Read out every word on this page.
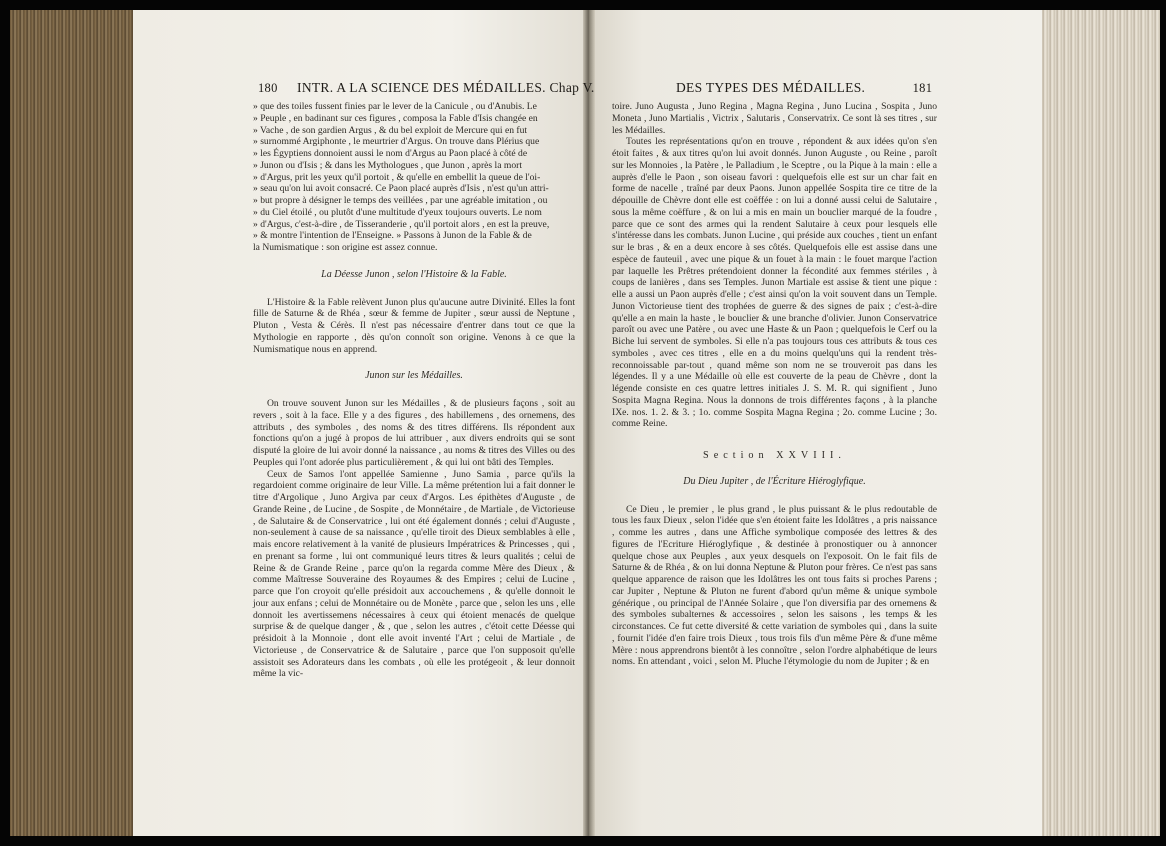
180 INTR. A LA SCIENCE DES MÉDAILLES. Chap V.

» que des toiles fussent finies par le lever de la Canicule , ou d'Anubis. Le

» Peuple , en badinant sur ces figures , composa la Fable d'Isis changée en

» Vache , de son gardien Argus , & du bel exploit de Mercure qui en fut

» surnommé Argiphonte , le meurtrier d'Argus. On trouve dans Plérius que

» les Égyptiens donnoient aussi le nom d'Argus au Paon placé à côté de

» Junon ou d'Isis ; & dans les Mythologues , que Junon , après la mort

» d'Argus, prit les yeux qu'il portoit , & qu'elle en embellit la queue de l'oi-

» seau qu'on lui avoit consacré. Ce Paon placé auprès d'Isis , n'est qu'un attri-

» but propre à désigner le temps des veillées , par une agréable imitation , ou

» du Ciel étoilé , ou plutôt d'une multitude d'yeux toujours ouverts. Le nom

» d'Argus, c'est-à-dire , de Tisseranderie , qu'il portoit alors , en est la preuve,

» & montre l'intention de l'Enseigne. » Passons à Junon de la Fable & de

la Numismatique : son origine est assez connue.

La Déesse Junon , selon l'Histoire & la Fable.

L'Histoire & la Fable relèvent Junon plus qu'aucune autre Divinité. Elles la font fille de Saturne & de Rhéa , sœur & femme de Jupiter , sœur aussi de Neptune , Pluton , Vesta & Cérès. Il n'est pas nécessaire d'entrer dans tout ce que la Mythologie en rapporte , dès qu'on connoît son origine. Venons à ce que la Numismatique nous en apprend.

Junon sur les Médailles.

On trouve souvent Junon sur les Médailles , & de plusieurs façons , soit au revers , soit à la face. Elle y a des figures , des habillemens , des ornemens, des attributs , des symboles , des noms & des titres différens. Ils répondent aux fonctions qu'on a jugé à propos de lui attribuer , aux divers endroits qui se sont disputé la gloire de lui avoir donné la naissance , au noms & titres des Villes ou des Peuples qui l'ont adorée plus particulièrement , & qui lui ont bâti des Temples.

Ceux de Samos l'ont appellée Samienne , Juno Samia , parce qu'ils la regardoient comme originaire de leur Ville. La même prétention lui a fait donner le titre d'Argolique , Juno Argiva par ceux d'Argos. Les épithètes d'Auguste , de Grande Reine , de Lucine , de Sospite , de Monnétaire , de Martiale , de Victorieuse , de Salutaire & de Conservatrice , lui ont été également donnés ; celui d'Auguste , non-seulement à cause de sa naissance , qu'elle tiroit des Dieux semblables à elle , mais encore relativement à la vanité de plusieurs Impératrices & Princesses , qui , en prenant sa forme , lui ont communiqué leurs titres & leurs qualités ; celui de Reine & de Grande Reine , parce qu'on la regarda comme Mère des Dieux , & comme Maîtresse Souveraine des Royaumes & des Empires ; celui de Lucine , parce que l'on croyoit qu'elle présidoit aux accouchemens , & qu'elle donnoit le jour aux enfans ; celui de Monnétaire ou de Monète , parce que , selon les uns , elle donnoit les avertissemens nécessaires à ceux qui étoient menacés de quelque surprise & de quelque danger , & , que , selon les autres , c'étoit cette Déesse qui présidoit à la Monnoie , dont elle avoit inventé l'Art ; celui de Martiale , de Victorieuse , de Conservatrice & de Salutaire , parce que l'on supposoit qu'elle assistoit ses Adorateurs dans les combats , où elle les protégeoit , & leur donnoit même la vic-

DES TYPES DES MÉDAILLES.	181

toire. Juno Augusta , Juno Regina , Magna Regina , Juno Lucina , Sospita , Juno Moneta , Juno Martialis , Victrix , Salutaris , Conservatrix. Ce sont là ses titres , sur les Médailles.

Toutes les représentations qu'on en trouve , répondent & aux idées qu'on s'en étoit faites , & aux titres qu'on lui avoit donnés. Junon Auguste , ou Reine , paroît sur les Monnoies , la Patère , le Palladium , le Sceptre , ou la Pique à la main : elle a auprès d'elle le Paon , son oiseau favori : quelquefois elle est sur un char fait en forme de nacelle , traîné par deux Paons. Junon appellée Sospita tire ce titre de la dépouille de Chèvre dont elle est coëffée : on lui a donné aussi celui de Salutaire , sous la même coëffure , & on lui a mis en main un bouclier marqué de la foudre , parce que ce sont des armes qui la rendent Salutaire à ceux pour lesquels elle s'intéresse dans les combats. Junon Lucine , qui préside aux couches , tient un enfant sur le bras , & en a deux encore à ses côtés. Quelquefois elle est assise dans une espèce de fauteuil , avec une pique & un fouet à la main : le fouet marque l'action par laquelle les Prêtres prétendoient donner la fécondité aux femmes stériles , à coups de lanières , dans ses Temples. Junon Martiale est assise & tient une pique : elle a aussi un Paon auprès d'elle ; c'est ainsi qu'on la voit souvent dans un Temple. Junon Victorieuse tient des trophées de guerre & des signes de paix ; c'est-à-dire qu'elle a en main la haste , le bouclier & une branche d'olivier. Junon Conservatrice paroît ou avec une Patère , ou avec une Haste & un Paon ; quelquefois le Cerf ou la Biche lui servent de symboles. Si elle n'a pas toujours tous ces attributs & tous ces symboles , avec ces titres , elle en a du moins quelqu'uns qui la rendent très-reconnoissable par-tout , quand même son nom ne se trouveroit pas dans les légendes. Il y a une Médaille où elle est couverte de la peau de Chèvre , dont la légende consiste en ces quatre lettres initiales J. S. M. R. qui signifient , Juno Sospita Magna Regina. Nous la donnons de trois différentes façons , à la planche IXe. nos. 1. 2. & 3. ; 1o. comme Sospita Magna Regina ; 2o. comme Lucine ; 3o. comme Reine.

Section XXVIII.

Du Dieu Jupiter , de l'Écriture Hiéroglyfique.

Ce Dieu , le premier , le plus grand , le plus puissant & le plus redoutable de tous les faux Dieux , selon l'idée que s'en étoient faite les Idolâtres , a pris naissance , comme les autres , dans une Affiche symbolique composée des lettres & des figures de l'Ecriture Hiéroglyfique , & destinée à pronostiquer ou à annoncer quelque chose aux Peuples , aux yeux desquels on l'exposoit. On le fait fils de Saturne & de Rhéa , & on lui donna Neptune & Pluton pour frères. Ce n'est pas sans quelque apparence de raison que les Idolâtres les ont tous faits si proches Parens ; car Jupiter , Neptune & Pluton ne furent d'abord qu'un même & unique symbole générique , ou principal de l'Année Solaire , que l'on diversifia par des ornemens & des symboles subalternes & accessoires , selon les saisons , les temps & les circonstances. Ce fut cette diversité & cette variation de symboles qui , dans la suite , fournit l'idée d'en faire trois Dieux , tous trois fils d'un même Père & d'une même Mère : nous apprendrons bientôt à les connoître , selon l'ordre alphabétique de leurs noms. En attendant , voici , selon M. Pluche l'étymologie du nom de Jupiter ; & en
